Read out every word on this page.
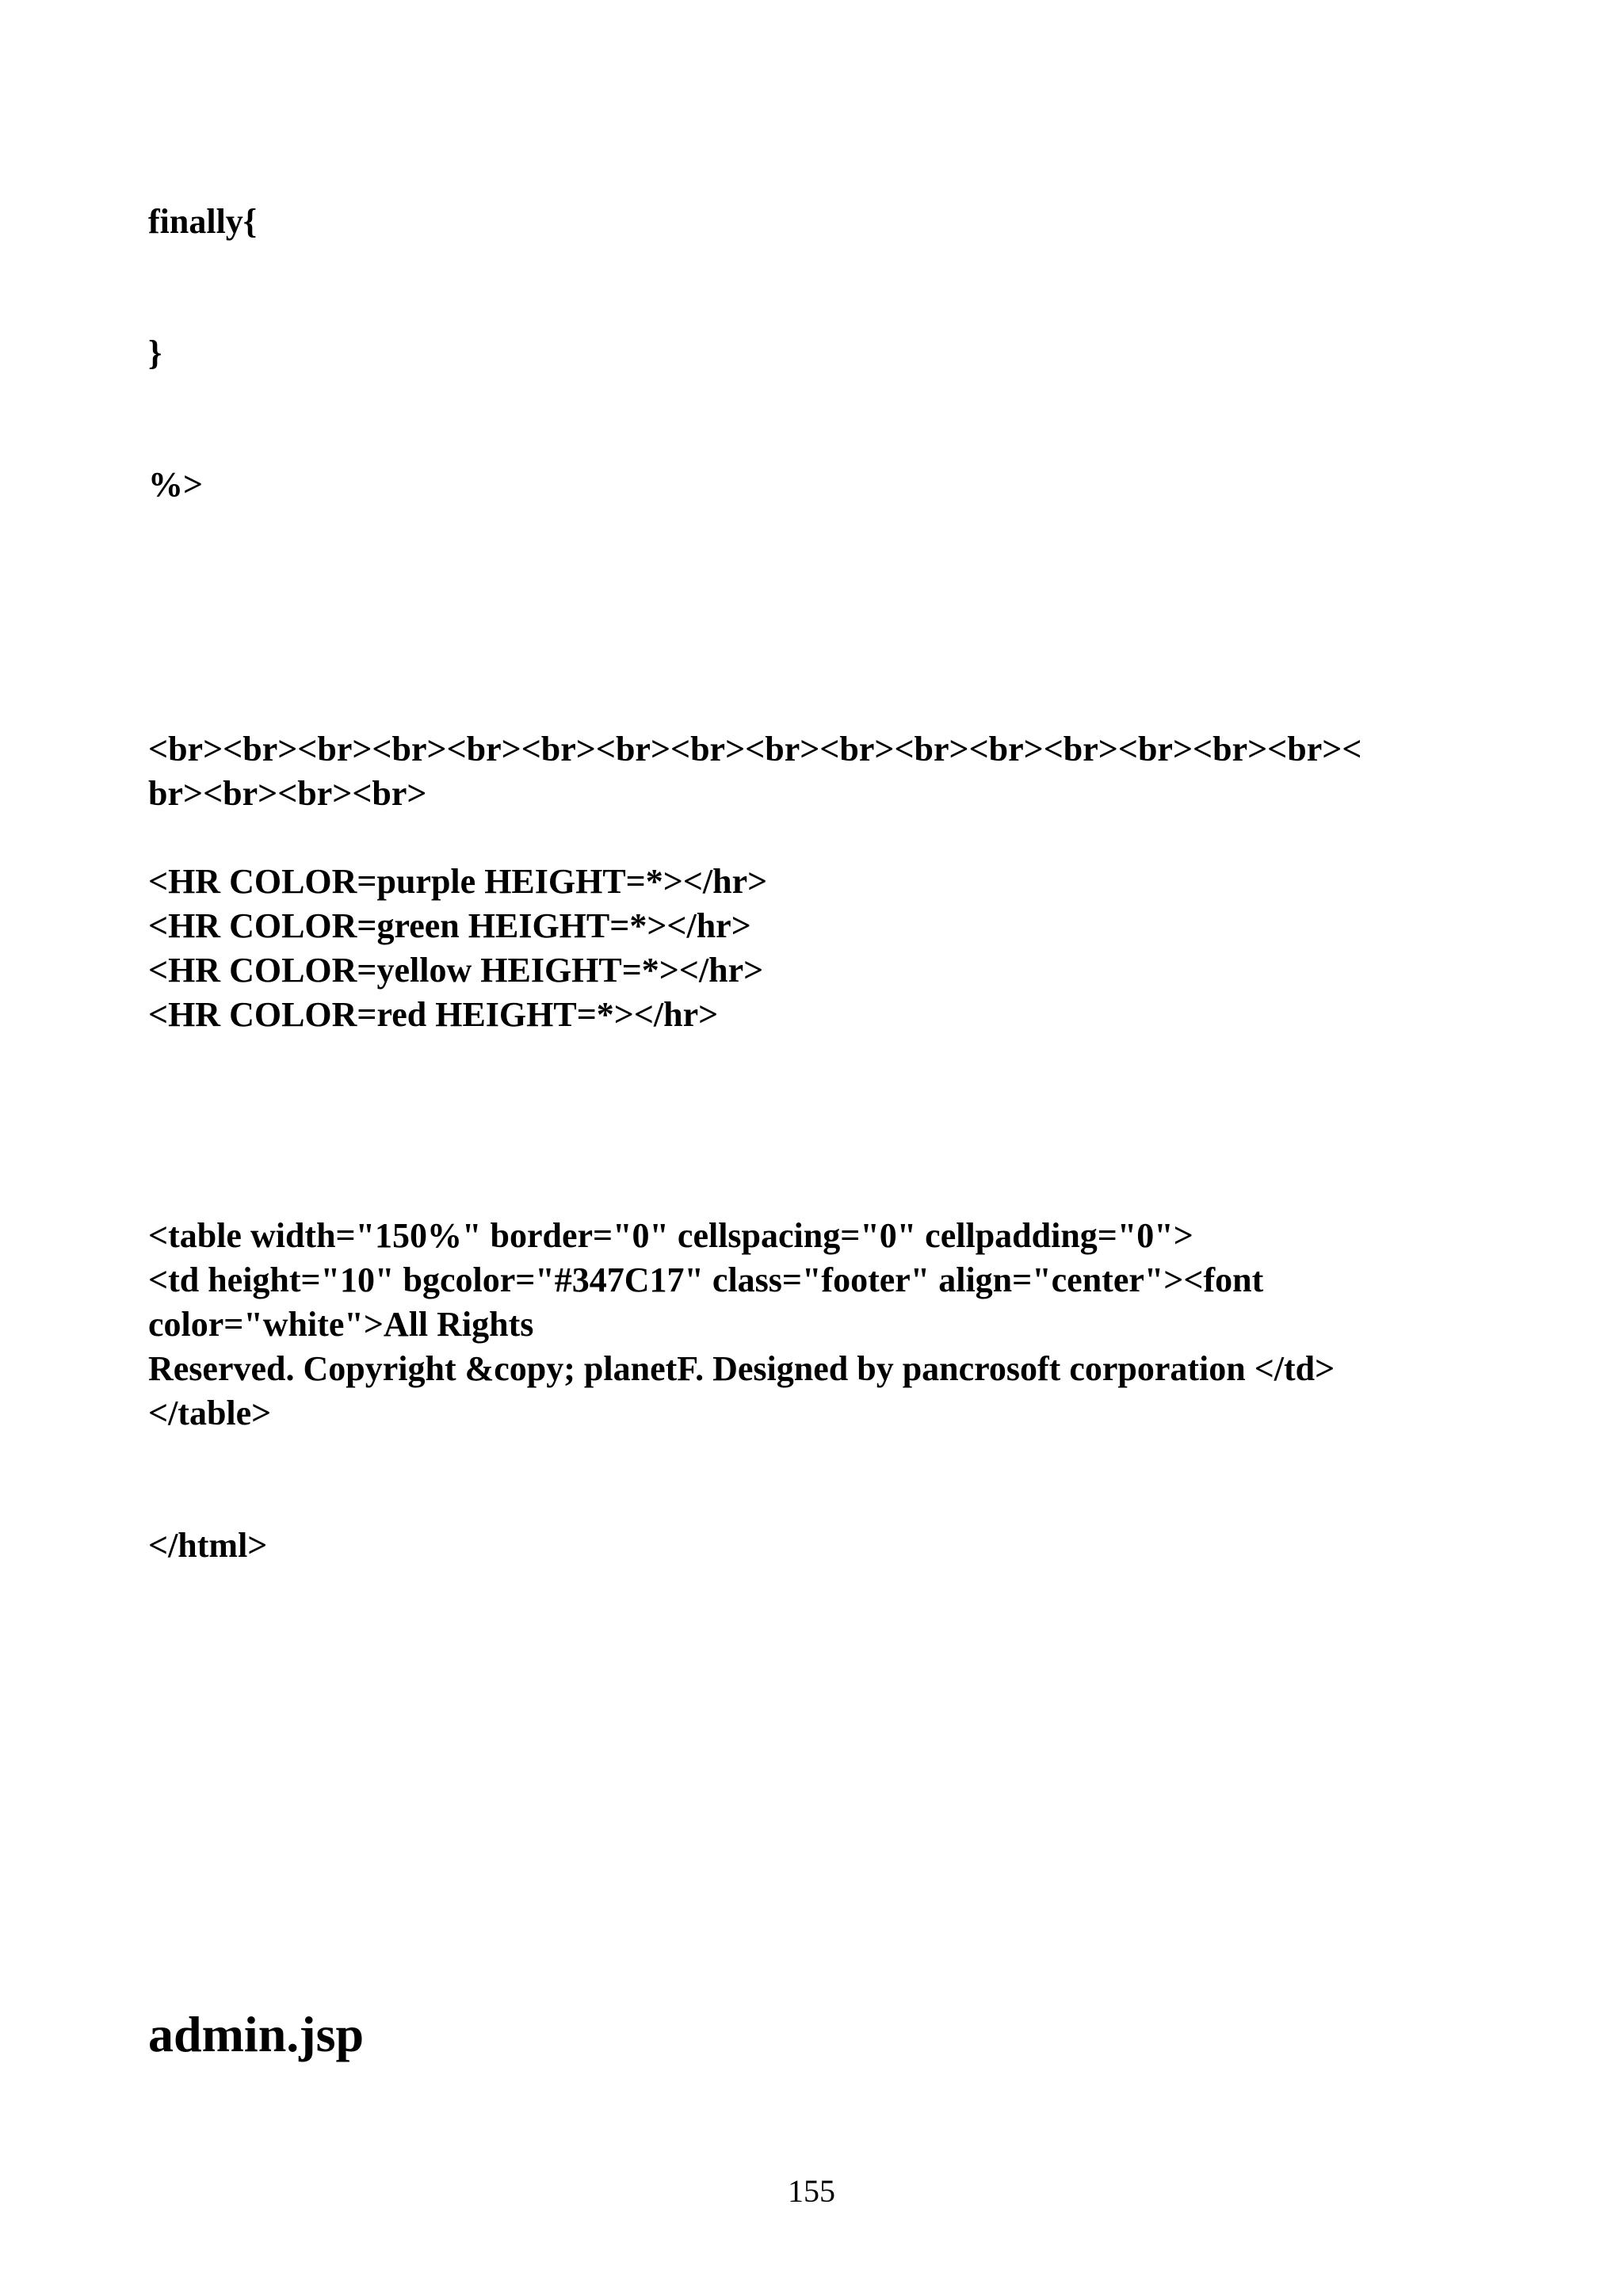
finally{

}

%>

<br><br><br><br><br><br><br><br><br><br><br><br><br><br><br><br><

br><br><br><br>

<HR COLOR=purple HEIGHT=*></hr>

<HR COLOR=green HEIGHT=*></hr>

<HR COLOR=yellow HEIGHT=*></hr>

<HR COLOR=red HEIGHT=*></hr>

<table width="150%" border="0" cellspacing="0" cellpadding="0">

<td height="10" bgcolor="#347C17" class="footer" align="center"><font

color="white">All Rights

Reserved. Copyright &copy; planetF. Designed by pancrosoft corporation </td>

</table>

</html>

admin.jsp
155
